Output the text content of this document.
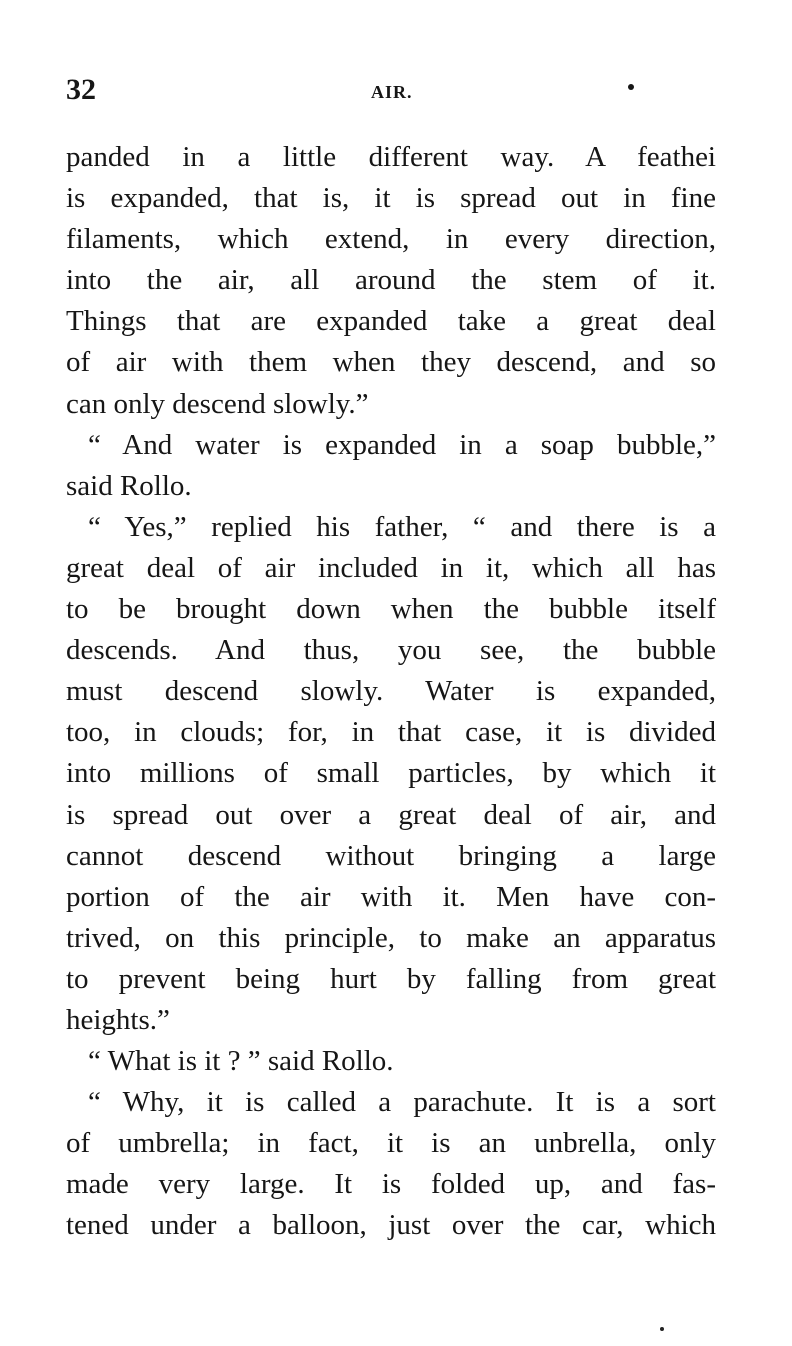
32	AIR.
panded in a little different way. A feathei
is expanded, that is, it is spread out in fine
filaments, which extend, in every direction,
into the air, all around the stem of it.
Things that are expanded take a great deal
of air with them when they descend, and so
can only descend slowly.”
“ And water is expanded in a soap bubble,”
said Rollo.
“ Yes,” replied his father, “ and there is a
great deal of air included in it, which all has
to be brought down when the bubble itself
descends. And thus, you see, the bubble
must descend slowly. Water is expanded,
too, in clouds; for, in that case, it is divided
into millions of small particles, by which it
is spread out over a great deal of air, and
cannot descend without bringing a large
portion of the air with it. Men have con-
trived, on this principle, to make an apparatus
to prevent being hurt by falling from great
heights.”
“ What is it ? ” said Rollo.
“ Why, it is called a parachute. It is a sort
of umbrella; in fact, it is an unbrella, only
made very large. It is folded up, and fas-
tened under a balloon, just over the car, which
